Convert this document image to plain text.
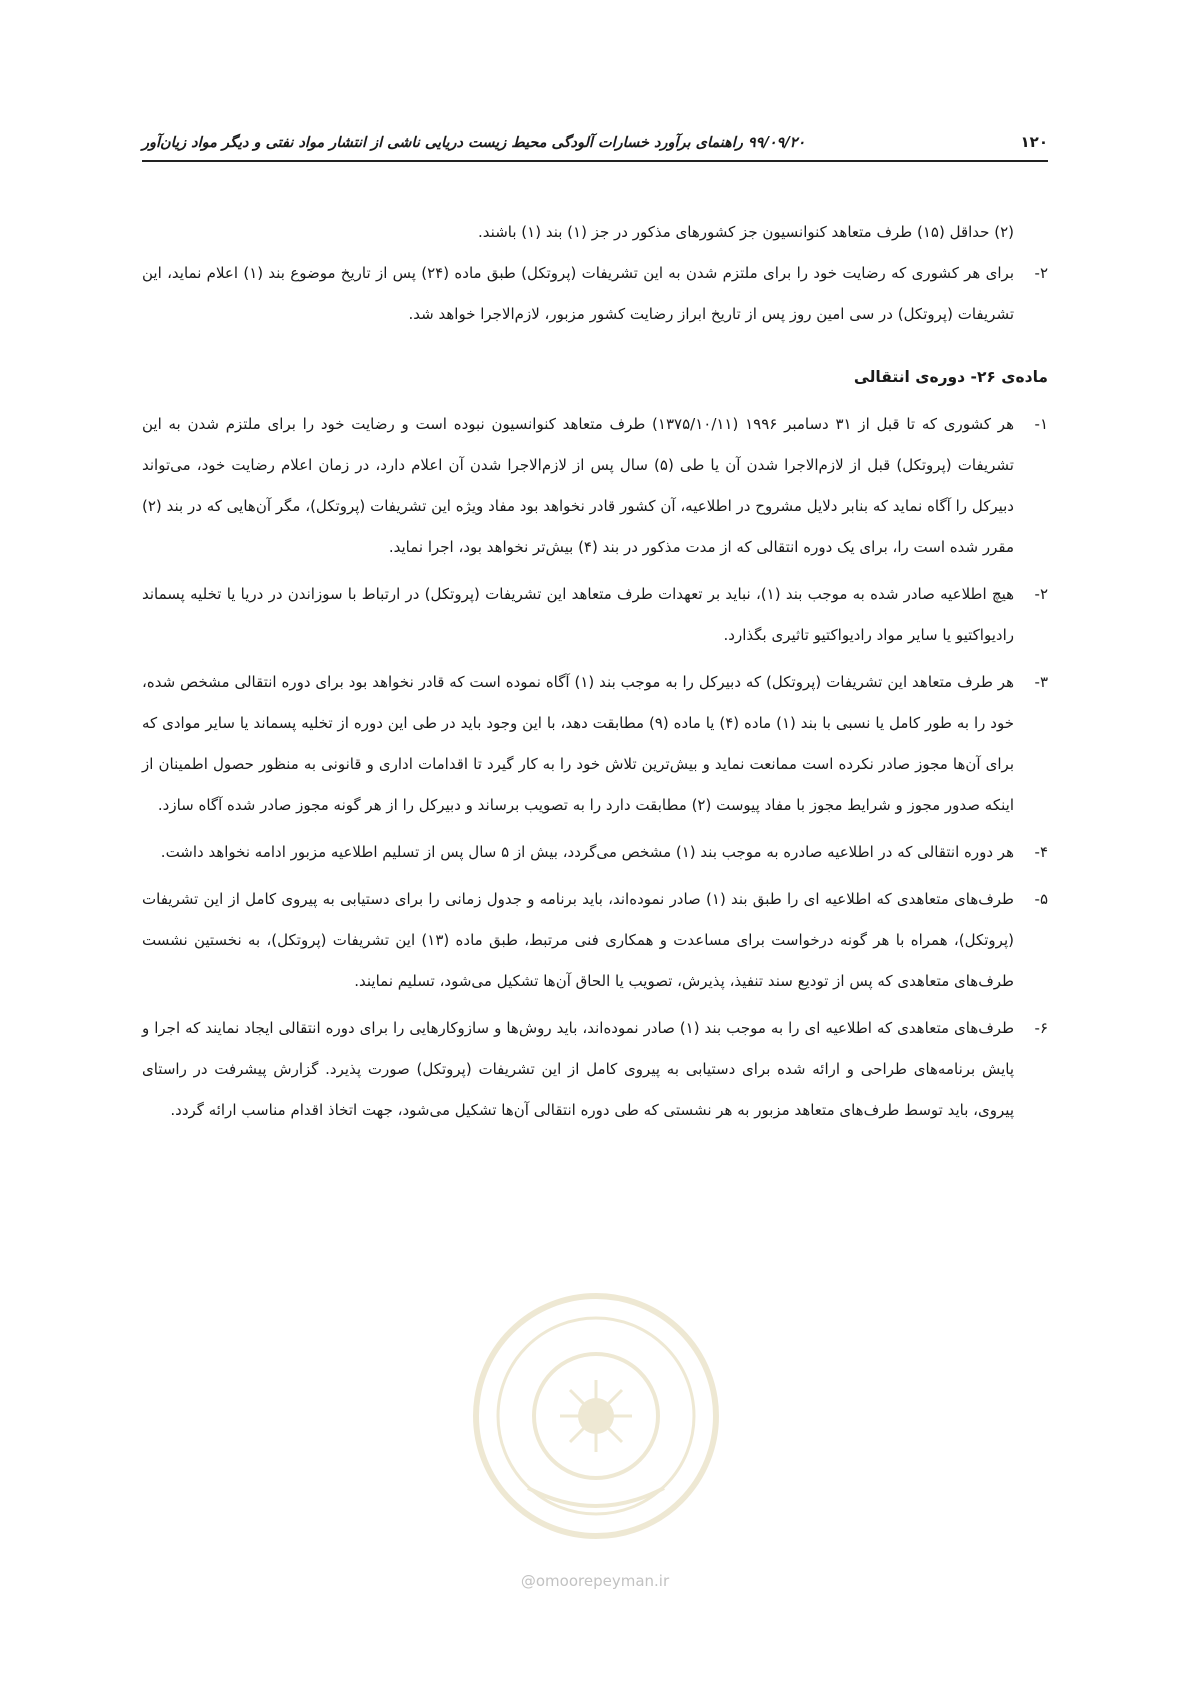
۱۲۰
۹۹/۰۹/۲۰ راهنمای برآورد خسارات آلودگی محیط زیست دریایی ناشی از انتشار مواد نفتی و دیگر مواد زیان‌آور
(۲) حداقل (۱۵) طرف متعاهد کنوانسیون جز کشورهای مذکور در جز (۱) بند (۱) باشند.
۲-
برای هر کشوری که رضایت خود را برای ملتزم شدن به این تشریفات (پروتکل) طبق ماده (۲۴) پس از تاریخ موضوع بند (۱) اعلام نماید، این تشریفات (پروتکل) در سی امین روز پس از تاریخ ابراز رضایت کشور مزبور، لازم‌الاجرا خواهد شد.
ماده‌ی ۲۶- دوره‌ی انتقالی
۱-
هر کشوری که تا قبل از ۳۱ دسامبر ۱۹۹۶ (۱۳۷۵/۱۰/۱۱) طرف متعاهد کنوانسیون نبوده است و رضایت خود را برای ملتزم شدن به این تشریفات (پروتکل) قبل از لازم‌الاجرا شدن آن یا طی (۵) سال پس از لازم‌الاجرا شدن آن اعلام دارد، در زمان اعلام رضایت خود، می‌تواند دبیرکل را آگاه نماید که بنابر دلایل مشروح در اطلاعیه، آن کشور قادر نخواهد بود مفاد ویژه این تشریفات (پروتکل)، مگر آن‌هایی که در بند (۲) مقرر شده است را، برای یک دوره انتقالی که از مدت مذکور در بند (۴) بیش‌تر نخواهد بود، اجرا نماید.
۲-
هیچ اطلاعیه صادر شده به موجب بند (۱)، نباید بر تعهدات طرف متعاهد این تشریفات (پروتکل) در ارتباط با سوزاندن در دریا یا تخلیه پسماند رادیواکتیو یا سایر مواد رادیواکتیو تاثیری بگذارد.
۳-
هر طرف متعاهد این تشریفات (پروتکل) که دبیرکل را به موجب بند (۱) آگاه نموده است که قادر نخواهد بود برای دوره انتقالی مشخص شده، خود را به طور کامل یا نسبی با بند (۱) ماده (۴) یا ماده (۹) مطابقت دهد، با این وجود باید در طی این دوره از تخلیه پسماند یا سایر موادی که برای آن‌ها مجوز صادر نکرده است ممانعت نماید و بیش‌ترین تلاش خود را به کار گیرد تا اقدامات اداری و قانونی به منظور حصول اطمینان از اینکه صدور مجوز و شرایط مجوز با مفاد پیوست (۲) مطابقت دارد را به تصویب برساند و دبیرکل را از هر گونه مجوز صادر شده آگاه سازد.
۴-
هر دوره انتقالی که در اطلاعیه صادره به موجب بند (۱) مشخص می‌گردد، بیش از ۵ سال پس از تسلیم اطلاعیه مزبور ادامه نخواهد داشت.
۵-
طرف‌های متعاهدی که اطلاعیه ای را طبق بند (۱) صادر نموده‌اند، باید برنامه و جدول زمانی را برای دستیابی به پیروی کامل از این تشریفات (پروتکل)، همراه با هر گونه درخواست برای مساعدت و همکاری فنی مرتبط، طبق ماده (۱۳) این تشریفات (پروتکل)، به نخستین نشست طرف‌های متعاهدی که پس از توديع سند تنفیذ، پذیرش، تصویب یا الحاق آن‌ها تشکیل می‌شود، تسلیم نمایند.
۶-
طرف‌های متعاهدی که اطلاعیه ای را به موجب بند (۱) صادر نموده‌اند، باید روش‌ها و سازوکارهایی را برای دوره انتقالی ایجاد نمایند که اجرا و پایش برنامه‌های طراحی و ارائه شده برای دستیابی به پیروی کامل از این تشریفات (پروتکل) صورت پذیرد. گزارش پیشرفت در راستای پیروی، باید توسط طرف‌های متعاهد مزبور به هر نشستی که طی دوره انتقالی آن‌ها تشکیل می‌شود، جهت اتخاذ اقدام مناسب ارائه گردد.
@omoorepeyman.ir
